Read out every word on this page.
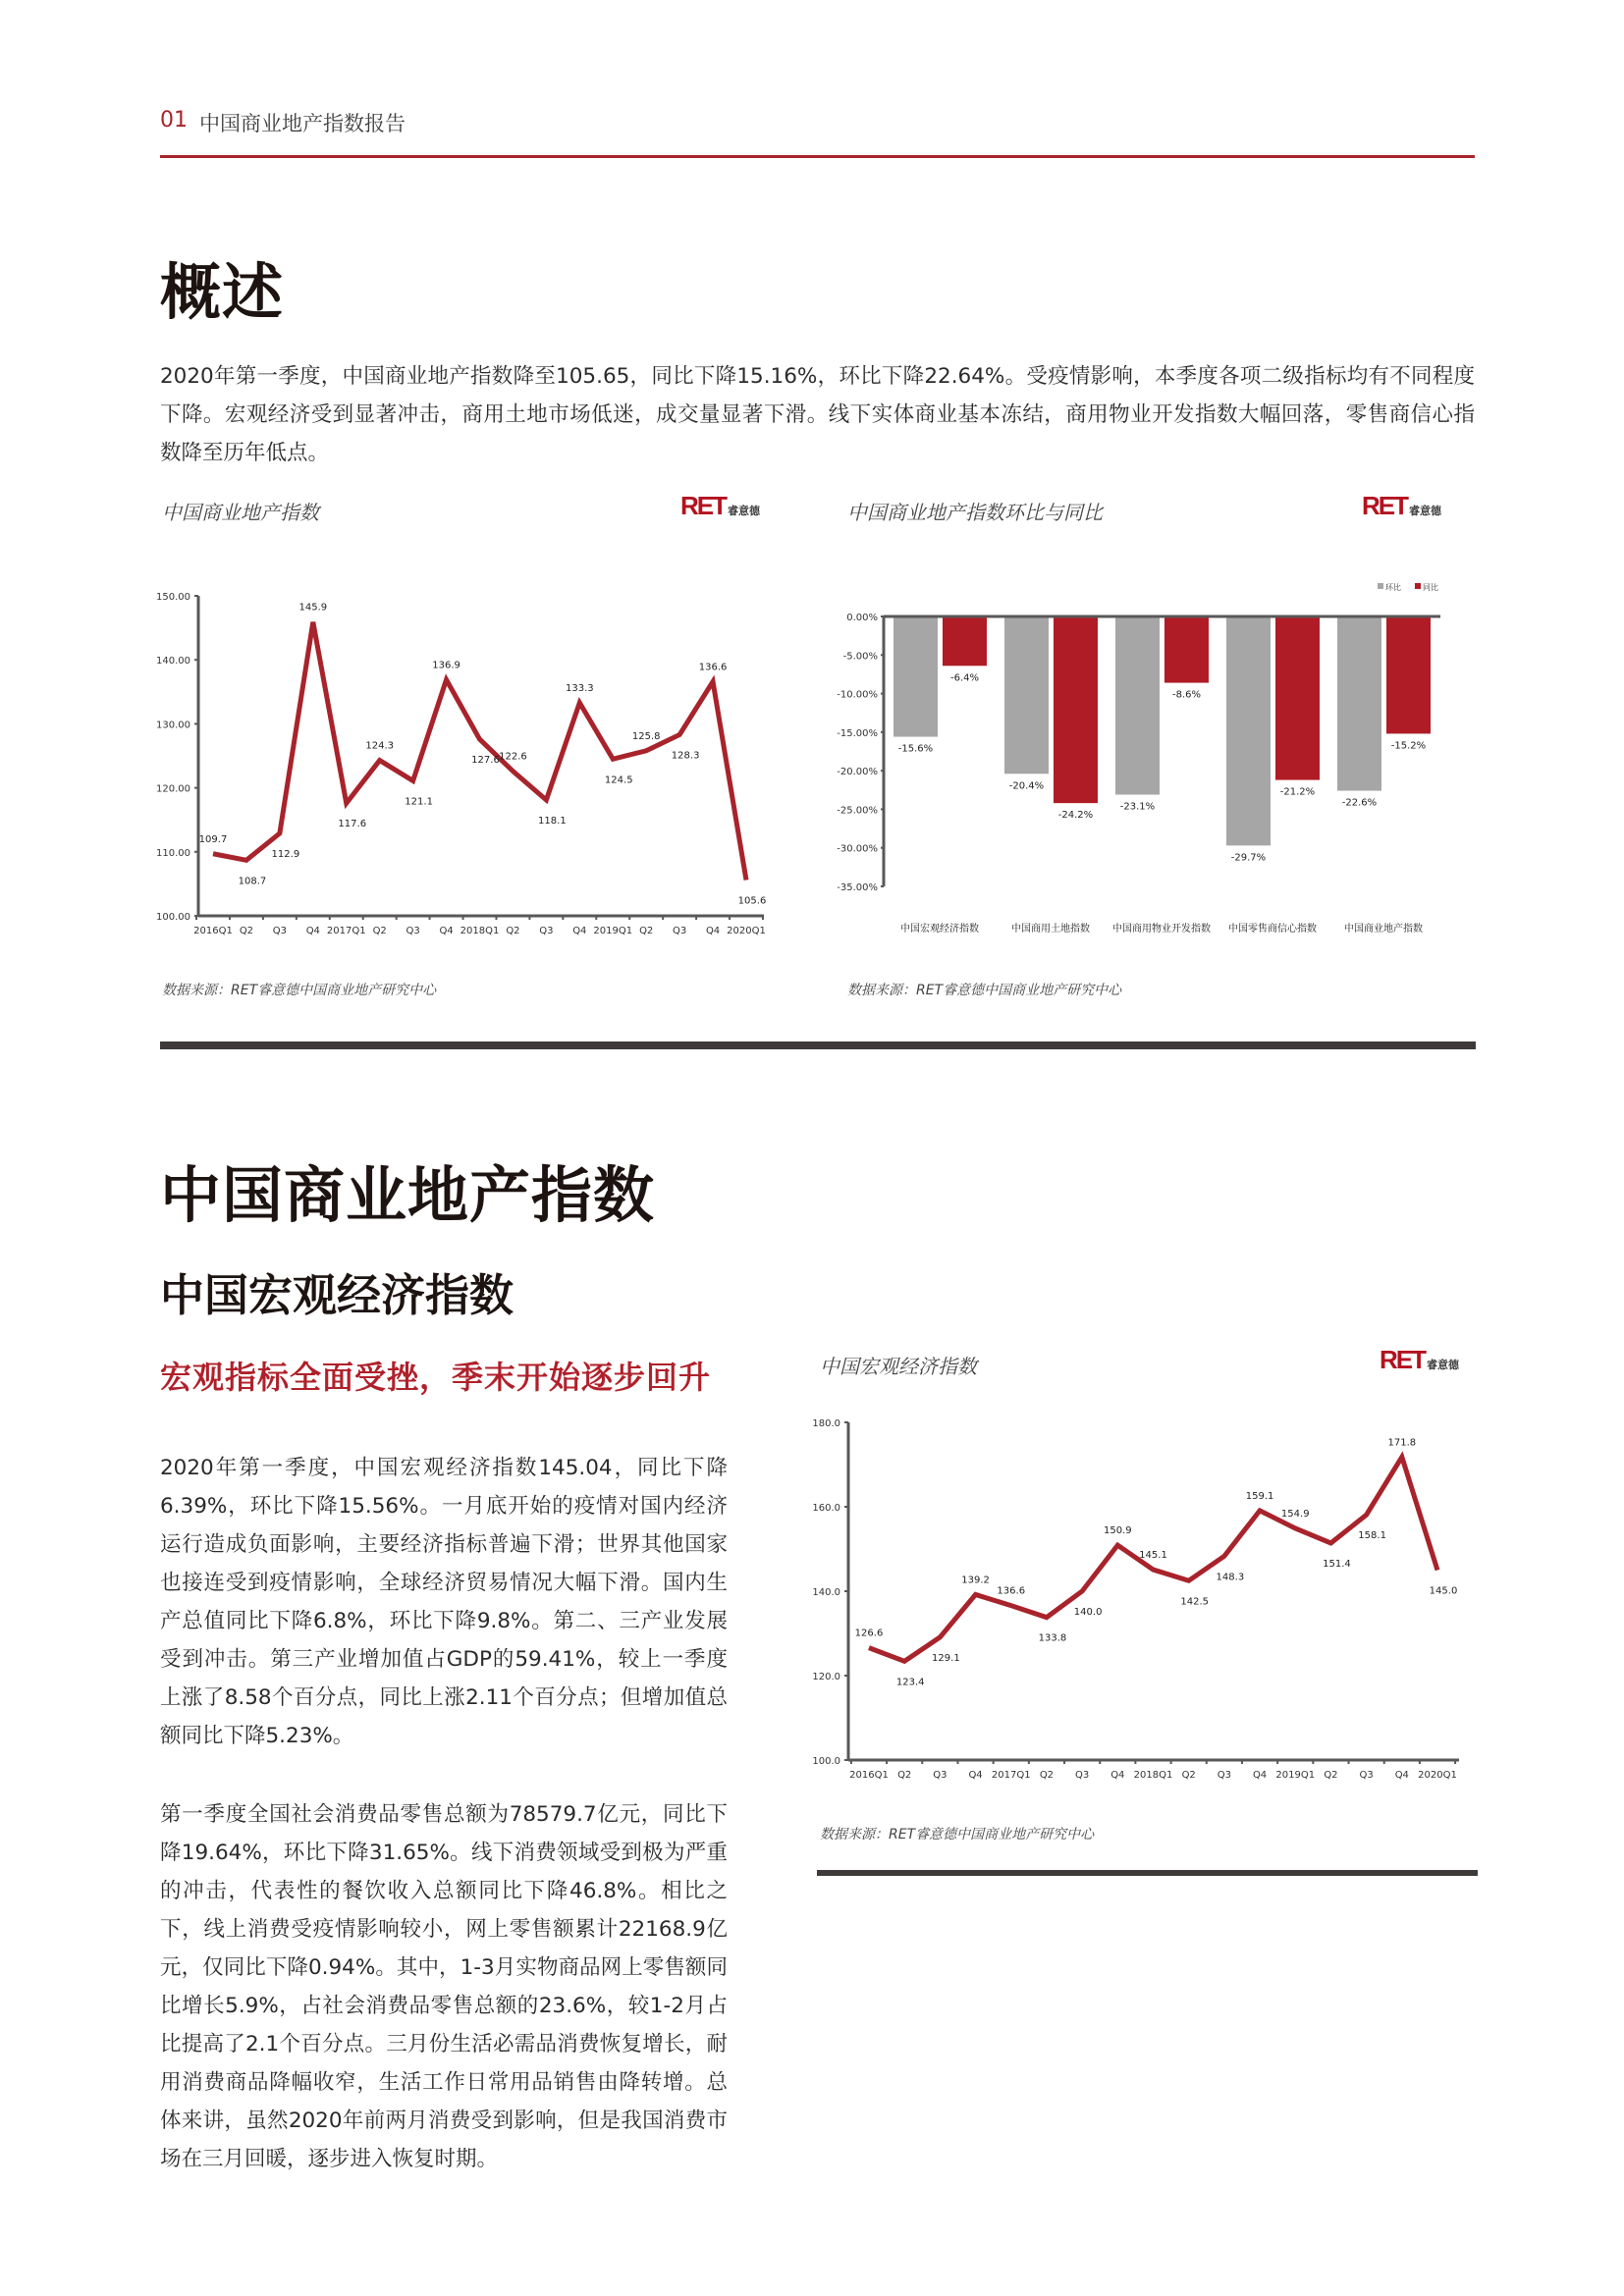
01 中国商业地产指数报告
概述
2020年第一季度，中国商业地产指数降至105.65，同比下降15.16%，环比下降22.64%。受疫情影响，本季度各项二级指标均有不同程度
下降。宏观经济受到显著冲击，商用土地市场低迷，成交量显著下滑。线下实体商业基本冻结，商用物业开发指数大幅回落，零售商信心指
数降至历年低点。
中国商业地产指数	RET 睿意德
数据来源：RET睿意德中国商业地产研究中心
中国商业地产指数环比与同比	RET 睿意德
数据来源：RET睿意德中国商业地产研究中心
中国商业地产指数
中国宏观经济指数
宏观指标全面受挫，季末开始逐步回升
2020年第一季度，中国宏观经济指数145.04，同比下降
6.39%，环比下降15.56%。一月底开始的疫情对国内经济
运行造成负面影响，主要经济指标普遍下滑；世界其他国家
也接连受到疫情影响，全球经济贸易情况大幅下滑。国内生
产总值同比下降6.8%，环比下降9.8%。第二、三产业发展
受到冲击。第三产业增加值占GDP的59.41%，较上一季度
上涨了8.58个百分点，同比上涨2.11个百分点；但增加值总
额同比下降5.23%。
第一季度全国社会消费品零售总额为78579.7亿元，同比下
降19.64%，环比下降31.65%。线下消费领域受到极为严重
的冲击，代表性的餐饮收入总额同比下降46.8%。相比之
下，线上消费受疫情影响较小，网上零售额累计22168.9亿
元，仅同比下降0.94%。其中，1-3月实物商品网上零售额同
比增长5.9%，占社会消费品零售总额的23.6%，较1-2月占
比提高了2.1个百分点。三月份生活必需品消费恢复增长，耐
用消费商品降幅收窄，生活工作日常用品销售由降转增。总
体来讲，虽然2020年前两月消费受到影响，但是我国消费市
场在三月回暖，逐步进入恢复时期。
中国宏观经济指数	RET 睿意德
数据来源：RET睿意德中国商业地产研究中心
100.00
110.00
120.00
130.00
140.00
150.00
2016Q1 Q2 Q3 Q4 2017Q1 Q2 Q3 Q4 2018Q1 Q2 Q3 Q4 2019Q1 Q2 Q3 Q4 2020Q1
109.7
108.7
112.9
145.9
117.6
124.3
121.1
136.9
127.6 122.6
118.1
133.3
124.5
125.8
128.3
136.6
105.6
100.0
120.0
140.0
160.0
180.0
2016Q1 Q2 Q3 Q4 2017Q1 Q2 Q3 Q4 2018Q1 Q2 Q3 Q4 2019Q1 Q2 Q3 Q4 2020Q1
126.6
123.4
129.1
139.2
136.6
133.8
140.0
150.9
145.1
142.5
148.3
159.1
154.9
151.4
158.1
171.8
145.0
-15.6%
-6.4%
中国宏观经济指数
-20.4%
-24.2%
中国商用土地指数
-23.1%
-8.6%
中国商用物业开发指数
-29.7%
-21.2%
中国零售商信心指数
-22.6%
-15.2%
中国商业地产指数
0.00%
-5.00%
-10.00%
-15.00%
-20.00%
-25.00%
-30.00%
-35.00%
环比	同比
